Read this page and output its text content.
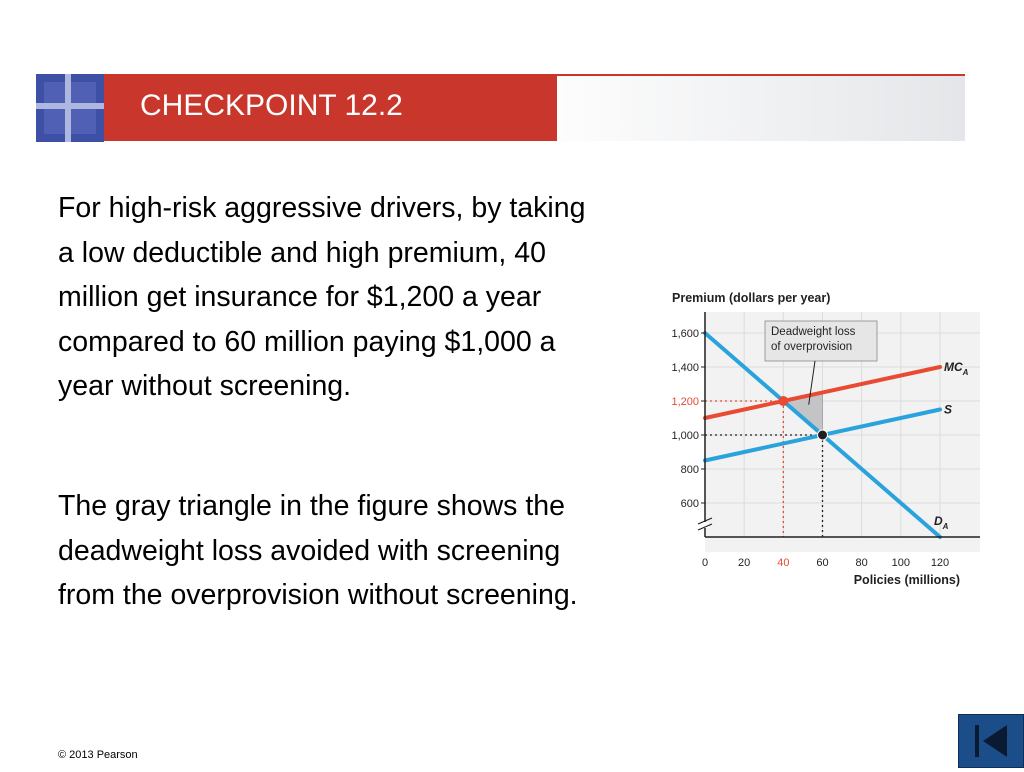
CHECKPOINT 12.2

For high-risk aggressive drivers, by taking a low deductible and high premium, 40 million get insurance for $1,200 a year compared to 60 million paying $1,000 a year without screening.

The gray triangle in the figure shows the deadweight loss avoided with screening from the overprovision without screening.

600
800
1,000
1,200
1,400
1,600
0	20 40 60 80 100 120
$D_A$
$MC_A$
S
Premium (dollars per year)
Policies (millions)
Deadweight loss
of overprovision
© 2013 Pearson
